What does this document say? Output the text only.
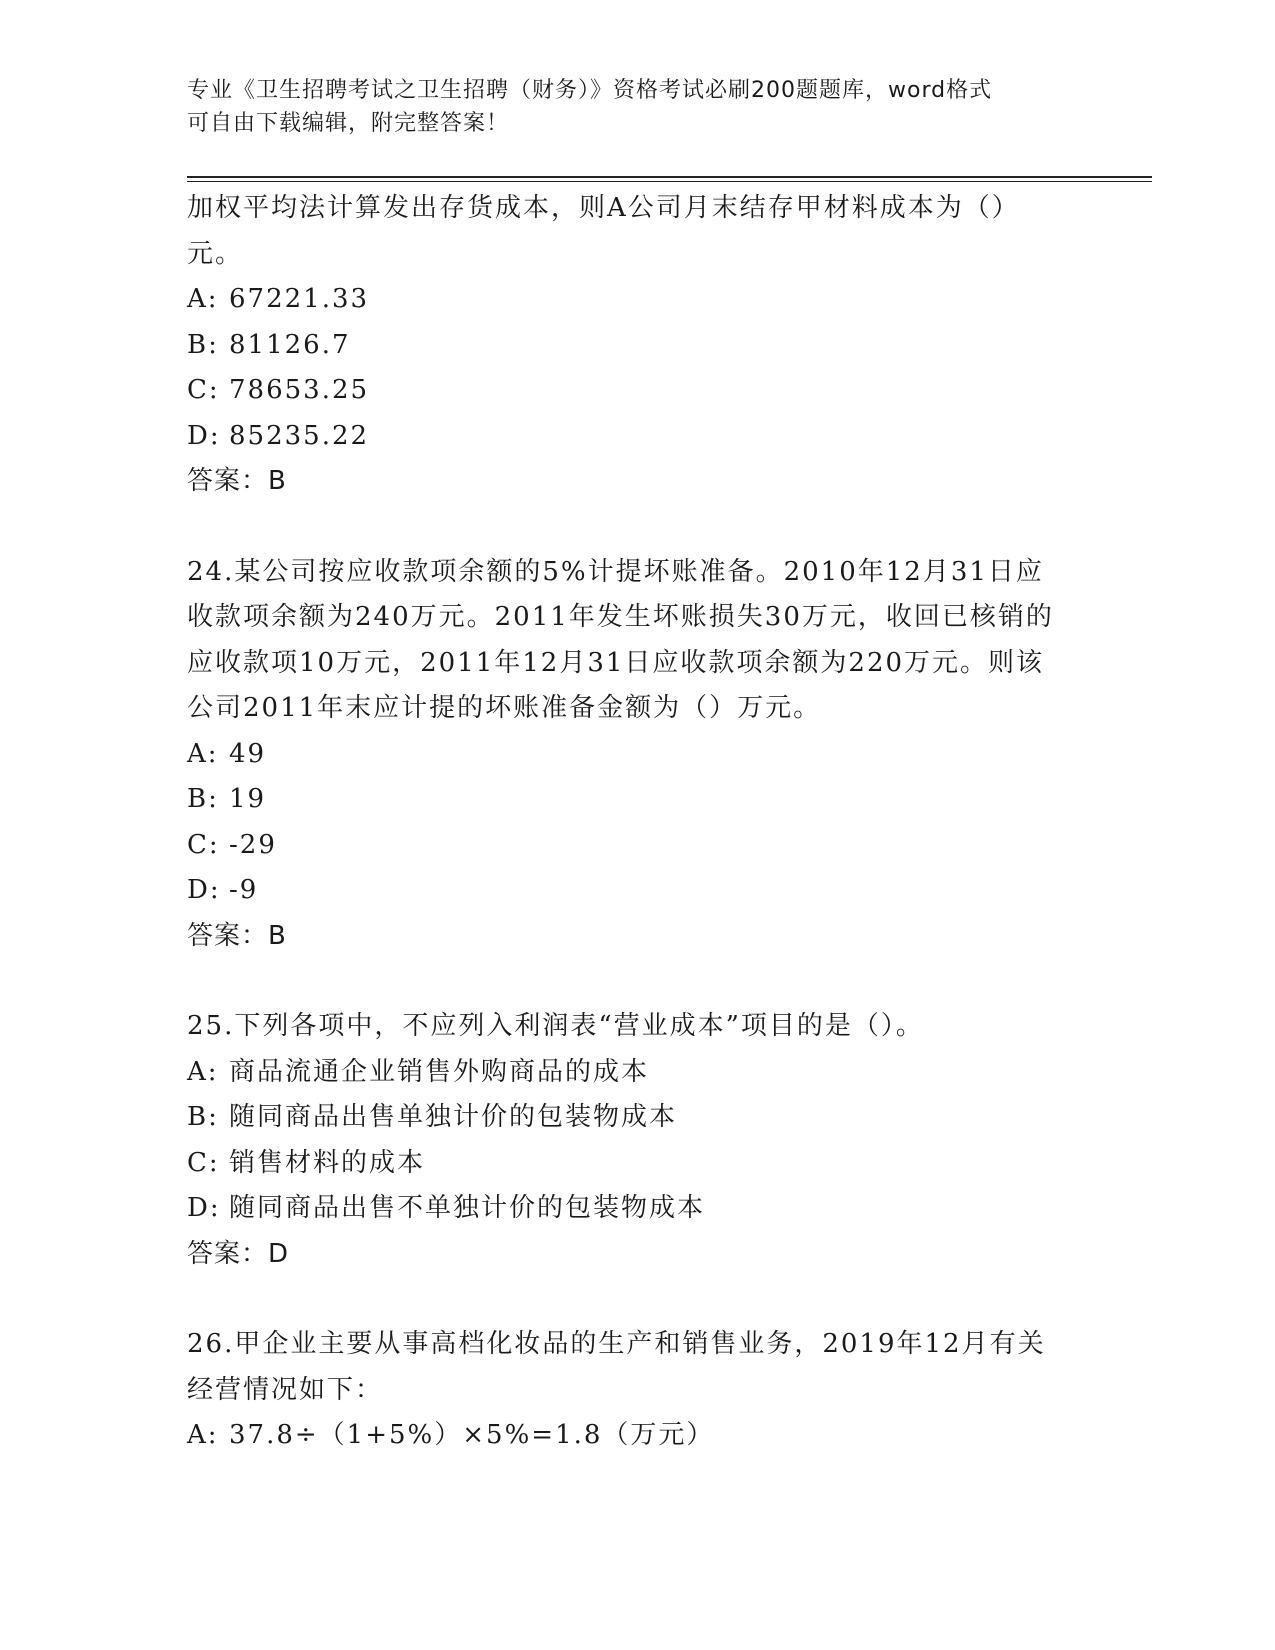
专业《卫生招聘考试之卫生招聘（财务）》资格考试必刷200题题库，word格式
可自由下载编辑，附完整答案！
加权平均法计算发出存货成本，则A公司月末结存甲材料成本为（）
元。
A: 67221.33
B: 81126.7
C: 78653.25
D: 85235.22
答案：B
24.某公司按应收款项余额的5%计提坏账准备。2010年12月31日应
收款项余额为240万元。2011年发生坏账损失30万元，收回已核销的
应收款项10万元，2011年12月31日应收款项余额为220万元。则该
公司2011年末应计提的坏账准备金额为（）万元。
A: 49
B: 19
C: -29
D: -9
答案：B
25.下列各项中，不应列入利润表“营业成本”项目的是（）。
A: 商品流通企业销售外购商品的成本
B: 随同商品出售单独计价的包装物成本
C: 销售材料的成本
D: 随同商品出售不单独计价的包装物成本
答案：D
26.甲企业主要从事高档化妆品的生产和销售业务，2019年12月有关
经营情况如下：
A: 37.8÷（1+5%）×5%=1.8（万元）
